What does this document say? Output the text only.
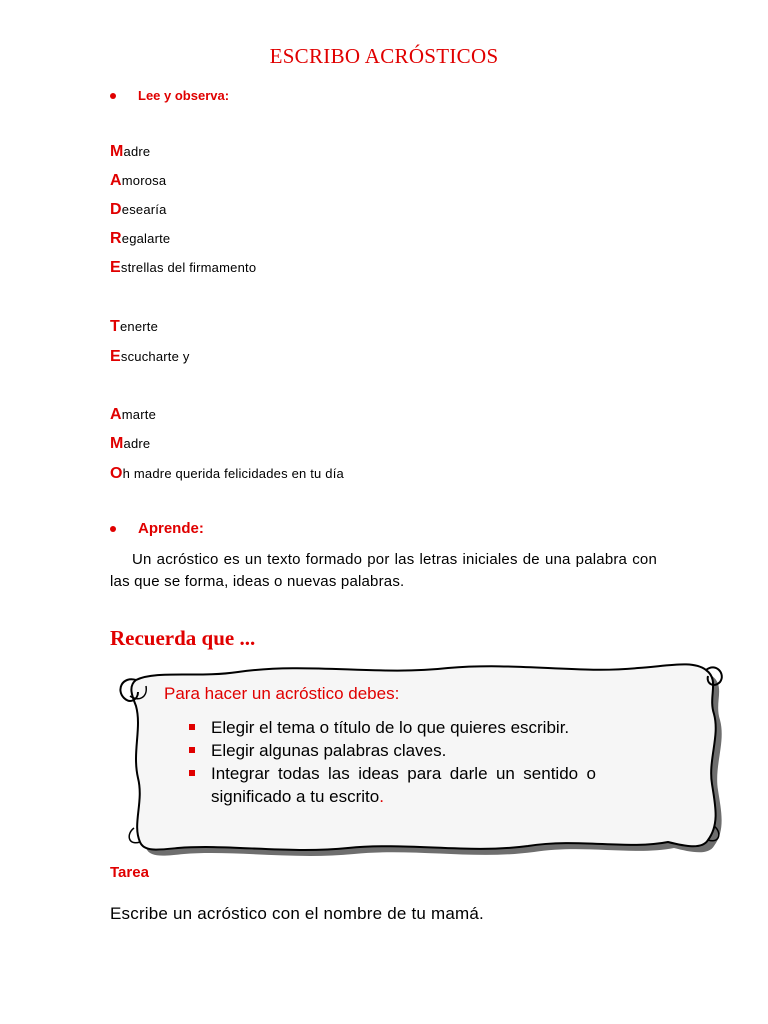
ESCRIBO ACRÓSTICOS
Lee y observa:
Madre
Amorosa
Desearía
Regalarte
Estrellas del firmamento
Tenerte
Escucharte y
Amarte
Madre
Oh madre querida felicidades en tu día
Aprende:
Un acróstico es un texto formado por las letras iniciales de una palabra con las que se forma, ideas o nuevas palabras.
Recuerda que ...
Para hacer un acróstico debes:
Elegir el tema o título de lo que quieres escribir.
Elegir algunas palabras claves.
Integrar todas las ideas para darle un sentido o significado a tu escrito.
Tarea
Escribe un acróstico con el nombre de tu mamá.
